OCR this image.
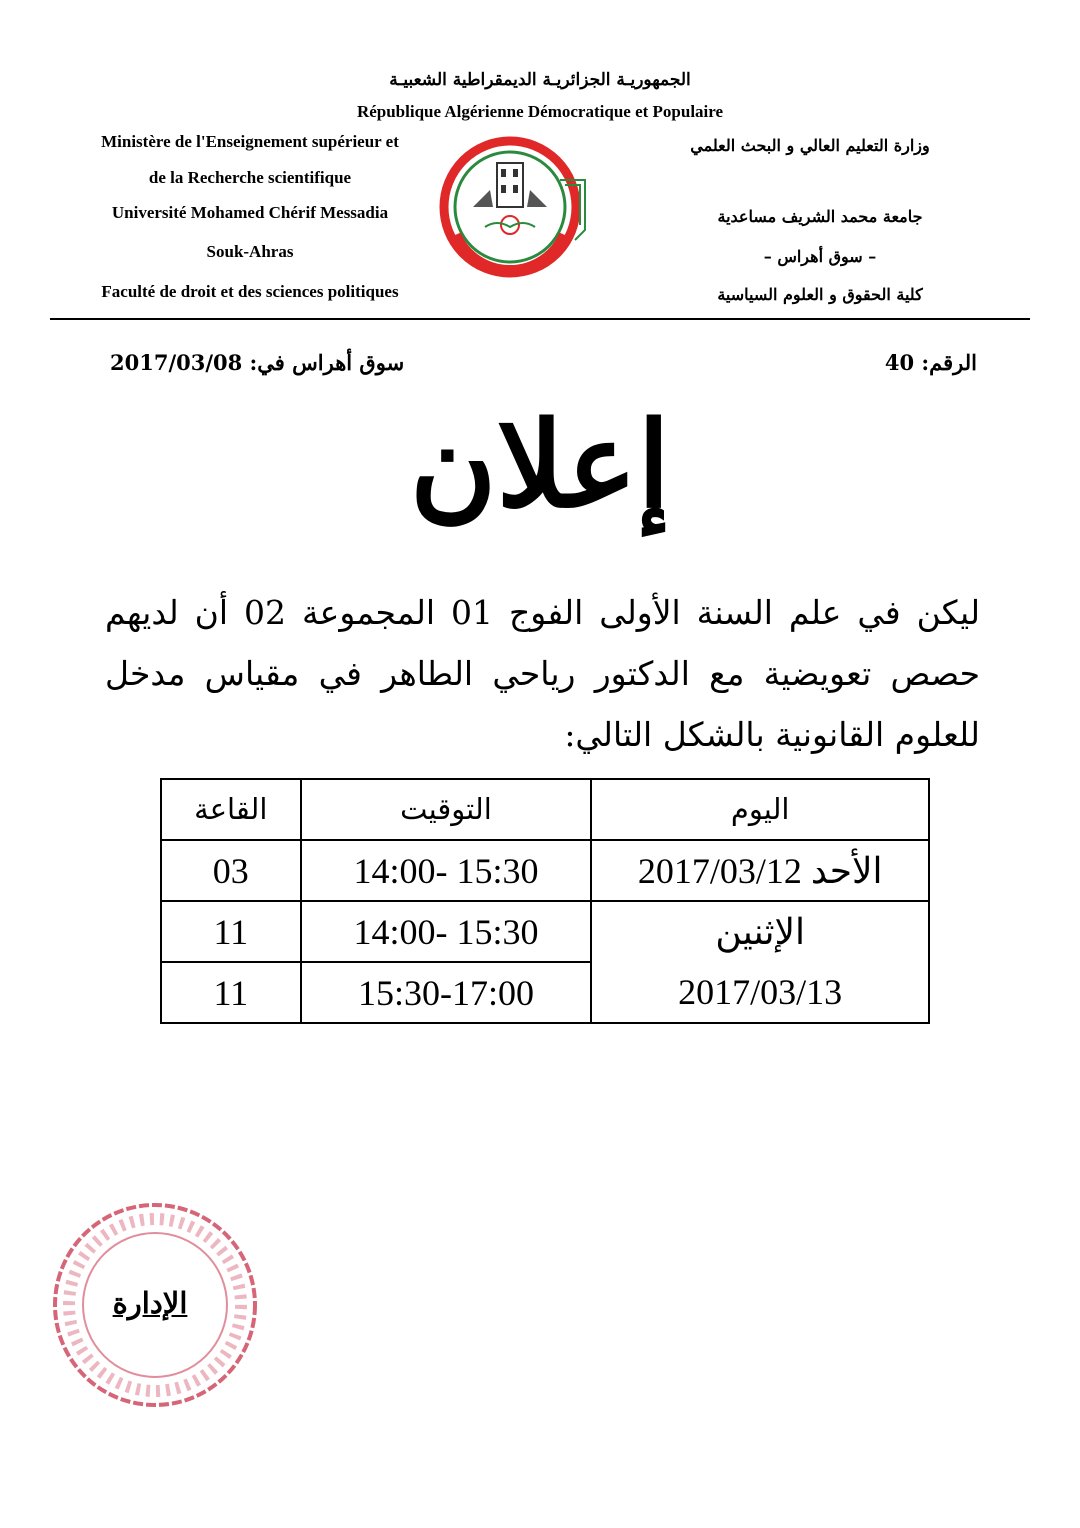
الجمهوريـة الجزائريـة الديمقراطية الشعبيـة
République Algérienne Démocratique et Populaire
Ministère de l'Enseignement supérieur et
de la Recherche scientifique
Université Mohamed Chérif Messadia
Souk-Ahras
Faculté de droit et des sciences politiques
وزارة التعليم العالي و البحث العلمي
جامعة محمد الشريف مساعدية
– سوق أهراس –
كلية الحقوق و العلوم السياسية
الرقم: 40
سوق أهراس في: 2017/03/08
إعلان
ليكن في علم السنة الأولى الفوج 01 المجموعة 02 أن لديهم حصص تعويضية مع الدكتور رياحي الطاهر في مقياس مدخل للعلوم القانونية بالشكل التالي:
اليوم	التوقيت	القاعة
الأحد 2017/03/12	14:00- 15:30	03
الإثنين 2017/03/13	14:00- 15:30	11
	15:30-17:00	11
الإدارة
